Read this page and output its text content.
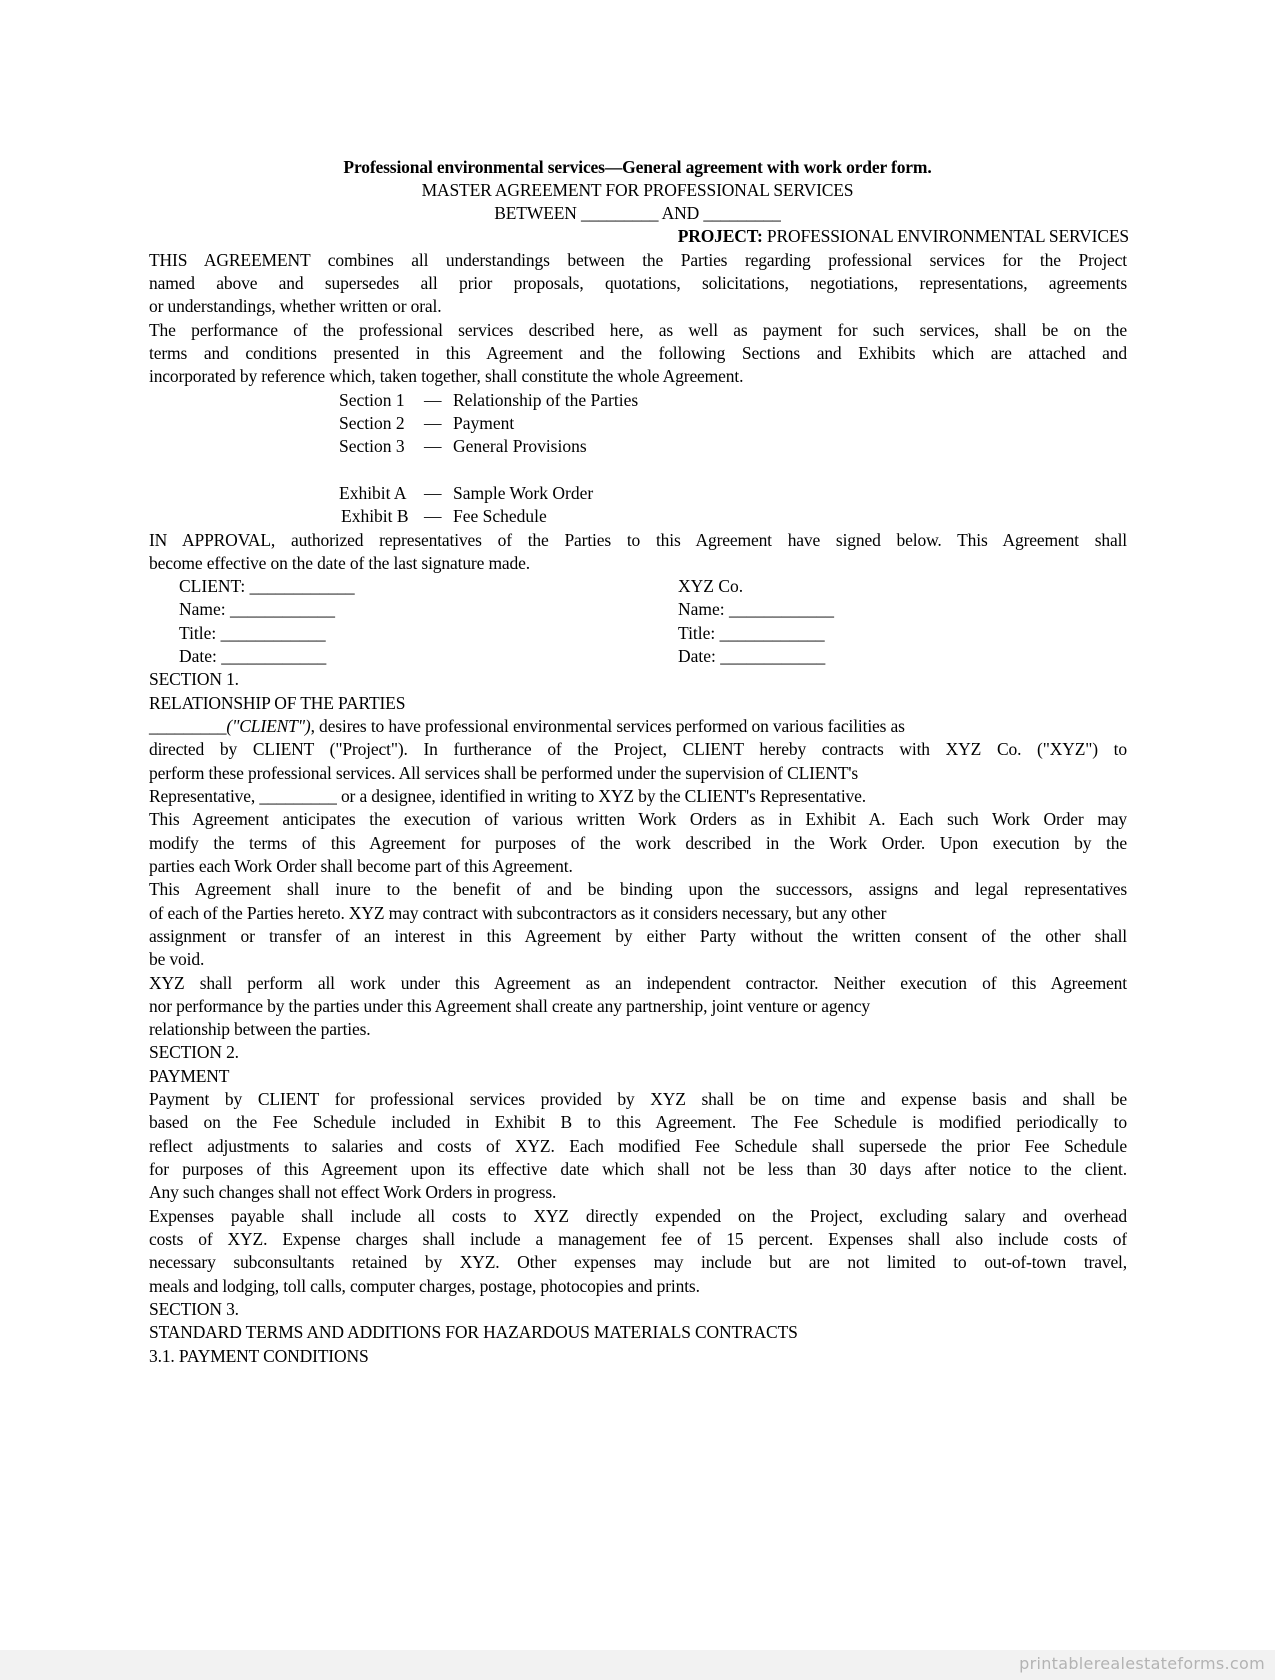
Professional environmental services—General agreement with work order form.
MASTER AGREEMENT FOR PROFESSIONAL SERVICES
BETWEEN _________ AND _________
PROJECT: PROFESSIONAL ENVIRONMENTAL SERVICES
THIS AGREEMENT combines all understandings between the Parties regarding professional services for the Project
named above and supersedes all prior proposals, quotations, solicitations, negotiations, representations, agreements
or understandings, whether written or oral.
The performance of the professional services described here, as well as payment for such services, shall be on the
terms and conditions presented in this Agreement and the following Sections and Exhibits which are attached and
incorporated by reference which, taken together, shall constitute the whole Agreement.
Section 1 — Relationship of the Parties
Section 2 — Payment
Section 3 — General Provisions
Exhibit A — Sample Work Order
Exhibit B — Fee Schedule
IN APPROVAL, authorized representatives of the Parties to this Agreement have signed below. This Agreement shall
become effective on the date of the last signature made.
CLIENT: ____________
Name: ____________
Title: ____________
Date: ____________
XYZ Co.
Name: ____________
Title: ____________
Date: ____________
SECTION 1.
RELATIONSHIP OF THE PARTIES
_________("CLIENT"), desires to have professional environmental services performed on various facilities as
directed by CLIENT ("Project"). In furtherance of the Project, CLIENT hereby contracts with XYZ Co. ("XYZ") to
perform these professional services. All services shall be performed under the supervision of CLIENT's
Representative, _________ or a designee, identified in writing to XYZ by the CLIENT's Representative.
This Agreement anticipates the execution of various written Work Orders as in Exhibit A. Each such Work Order may
modify the terms of this Agreement for purposes of the work described in the Work Order. Upon execution by the
parties each Work Order shall become part of this Agreement.
This Agreement shall inure to the benefit of and be binding upon the successors, assigns and legal representatives
of each of the Parties hereto. XYZ may contract with subcontractors as it considers necessary, but any other
assignment or transfer of an interest in this Agreement by either Party without the written consent of the other shall
be void.
XYZ shall perform all work under this Agreement as an independent contractor. Neither execution of this Agreement
nor performance by the parties under this Agreement shall create any partnership, joint venture or agency
relationship between the parties.
SECTION 2.
PAYMENT
Payment by CLIENT for professional services provided by XYZ shall be on time and expense basis and shall be
based on the Fee Schedule included in Exhibit B to this Agreement. The Fee Schedule is modified periodically to
reflect adjustments to salaries and costs of XYZ. Each modified Fee Schedule shall supersede the prior Fee Schedule
for purposes of this Agreement upon its effective date which shall not be less than 30 days after notice to the client.
Any such changes shall not effect Work Orders in progress.
Expenses payable shall include all costs to XYZ directly expended on the Project, excluding salary and overhead
costs of XYZ. Expense charges shall include a management fee of 15 percent. Expenses shall also include costs of
necessary subconsultants retained by XYZ. Other expenses may include but are not limited to out-of-town travel,
meals and lodging, toll calls, computer charges, postage, photocopies and prints.
SECTION 3.
STANDARD TERMS AND ADDITIONS FOR HAZARDOUS MATERIALS CONTRACTS
3.1. PAYMENT CONDITIONS
printablerealestateforms.com
